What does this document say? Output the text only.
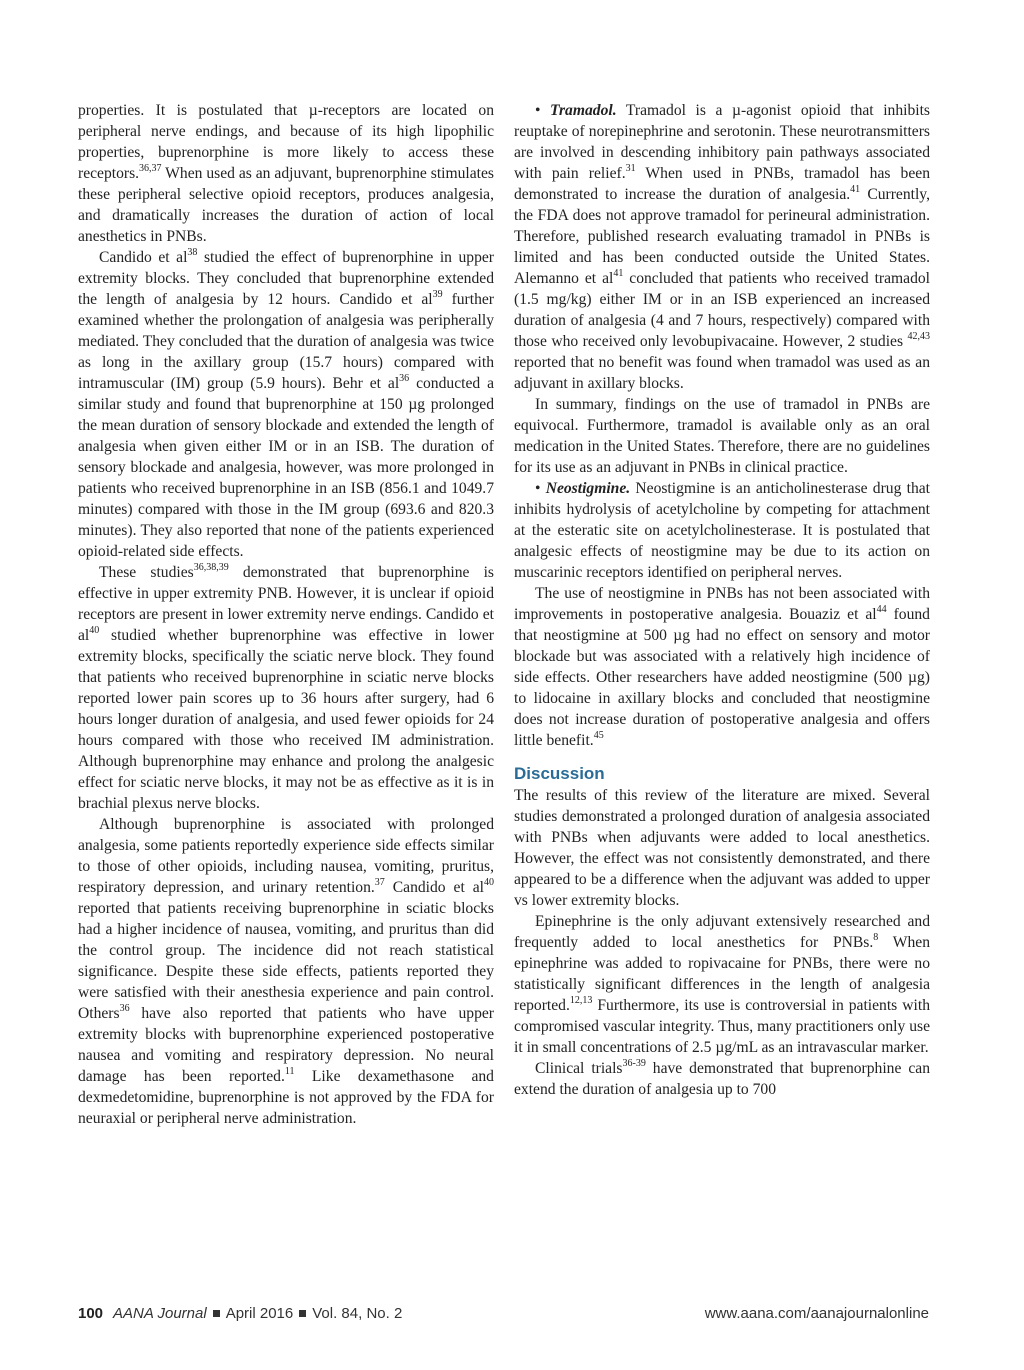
properties. It is postulated that µ-receptors are located on peripheral nerve endings, and because of its high lipophilic properties, buprenorphine is more likely to access these receptors.$^{36,37}$ When used as an adjuvant, buprenorphine stimulates these peripheral selective opioid receptors, produces analgesia, and dramatically increases the duration of action of local anesthetics in PNBs.

Candido et $al^{38}$ studied the effect of buprenorphine in upper extremity blocks. They concluded that buprenorphine extended the length of analgesia by 12 hours. Candido et $al^{39}$ further examined whether the prolongation of analgesia was peripherally mediated. They concluded that the duration of analgesia was twice as long in the axillary group (15.7 hours) compared with intramuscular (IM) group (5.9 hours). Behr et $al^{36}$ conducted a similar study and found that buprenorphine at 150 µg prolonged the mean duration of sensory blockade and extended the length of analgesia when given either IM or in an ISB. The duration of sensory blockade and analgesia, however, was more prolonged in patients who received buprenorphine in an ISB (856.1 and 1049.7 minutes) compared with those in the IM group (693.6 and 820.3 minutes). They also reported that none of the patients experienced opioid-related side effects.

These studies$^{36,38,39}$ demonstrated that buprenorphine is effective in upper extremity PNB. However, it is unclear if opioid receptors are present in lower extremity nerve endings. Candido et $al^{40}$ studied whether buprenorphine was effective in lower extremity blocks, specifically the sciatic nerve block. They found that patients who received buprenorphine in sciatic nerve blocks reported lower pain scores up to 36 hours after surgery, had 6 hours longer duration of analgesia, and used fewer opioids for 24 hours compared with those who received IM administration. Although buprenorphine may enhance and prolong the analgesic effect for sciatic nerve blocks, it may not be as effective as it is in brachial plexus nerve blocks.

Although buprenorphine is associated with prolonged analgesia, some patients reportedly experience side effects similar to those of other opioids, including nausea, vomiting, pruritus, respiratory depression, and urinary retention.$^{37}$ Candido et $al^{40}$ reported that patients receiving buprenorphine in sciatic blocks had a higher incidence of nausea, vomiting, and pruritus than did the control group. The incidence did not reach statistical significance. Despite these side effects, patients reported they were satisfied with their anesthesia experience and pain control. Others$^{36}$ have also reported that patients who have upper extremity blocks with buprenorphine experienced postoperative nausea and vomiting and respiratory depression. No neural damage has been reported.$^{11}$ Like dexamethasone and dexmedetomidine, buprenorphine is not approved by the FDA for neuraxial or peripheral nerve administration.

• Tramadol. Tramadol is a µ-agonist opioid that inhibits reuptake of norepinephrine and serotonin. These neurotransmitters are involved in descending inhibitory pain pathways associated with pain relief.$^{31}$ When used in PNBs, tramadol has been demonstrated to increase the duration of analgesia.$^{41}$ Currently, the FDA does not approve tramadol for perineural administration. Therefore, published research evaluating tramadol in PNBs is limited and has been conducted outside the United States. Alemanno et $al^{41}$ concluded that patients who received tramadol (1.5 mg/kg) either IM or in an ISB experienced an increased duration of analgesia (4 and 7 hours, respectively) compared with those who received only levobupivacaine. However, 2 studies $^{42,43}$ reported that no benefit was found when tramadol was used as an adjuvant in axillary blocks.

In summary, findings on the use of tramadol in PNBs are equivocal. Furthermore, tramadol is available only as an oral medication in the United States. Therefore, there are no guidelines for its use as an adjuvant in PNBs in clinical practice.

• Neostigmine. Neostigmine is an anticholinesterase drug that inhibits hydrolysis of acetylcholine by competing for attachment at the esteratic site on acetylcholinesterase. It is postulated that analgesic effects of neostigmine may be due to its action on muscarinic receptors identified on peripheral nerves.

The use of neostigmine in PNBs has not been associated with improvements in postoperative analgesia. Bouaziz et $al^{44}$ found that neostigmine at 500 µg had no effect on sensory and motor blockade but was associated with a relatively high incidence of side effects. Other researchers have added neostigmine (500 µg) to lidocaine in axillary blocks and concluded that neostigmine does not increase duration of postoperative analgesia and offers little benefit.$^{45}$

Discussion

The results of this review of the literature are mixed. Several studies demonstrated a prolonged duration of analgesia associated with PNBs when adjuvants were added to local anesthetics. However, the effect was not consistently demonstrated, and there appeared to be a difference when the adjuvant was added to upper vs lower extremity blocks.

Epinephrine is the only adjuvant extensively researched and frequently added to local anesthetics for PNBs.$^8$ When epinephrine was added to ropivacaine for PNBs, there were no statistically significant differences in the length of analgesia reported.$^{12,13}$ Furthermore, its use is controversial in patients with compromised vascular integrity. Thus, many practitioners only use it in small concentrations of 2.5 µg/mL as an intravascular marker.

Clinical trials$^{36-39}$ have demonstrated that buprenorphine can extend the duration of analgesia up to 700

100 AANA Journal April 2016 Vol. 84, No. 2	www.aana.com/aanajournalonline
